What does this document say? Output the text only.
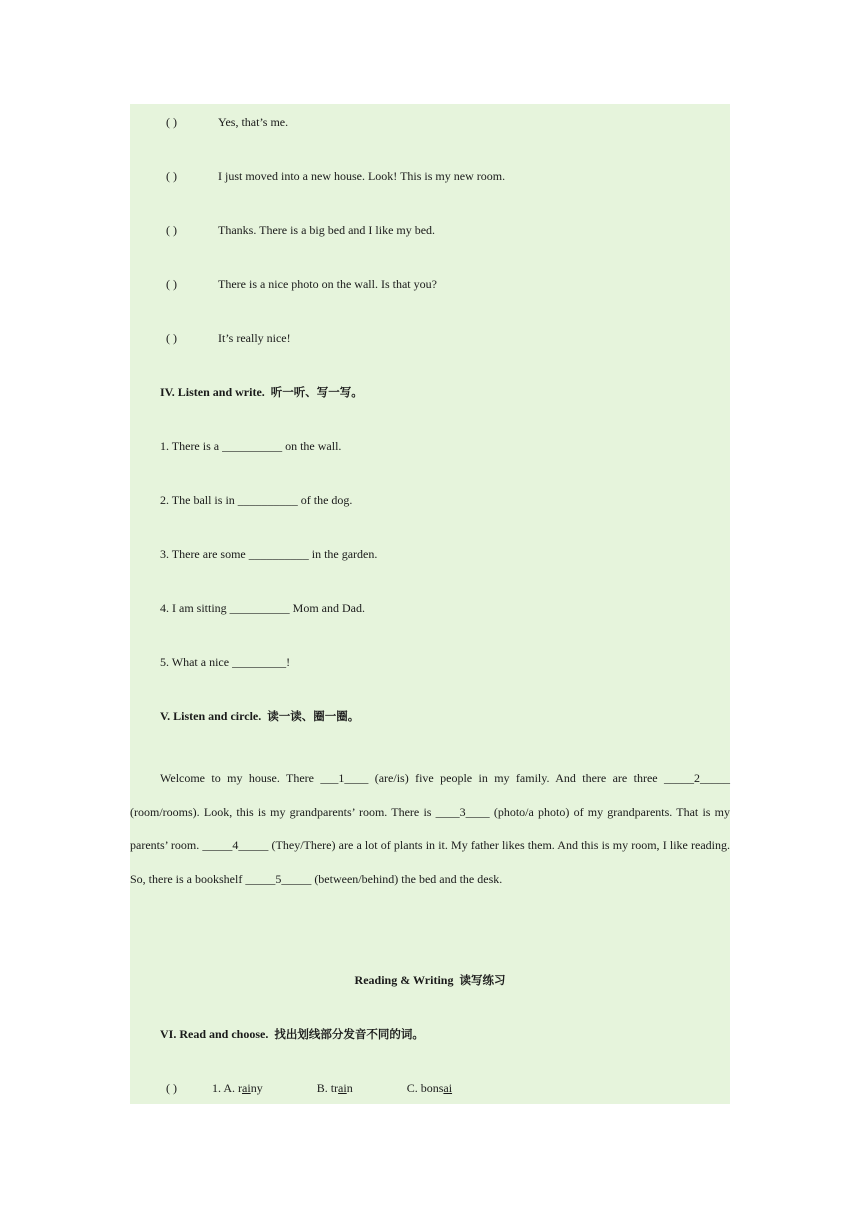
( )	Yes, that’s me.
( )	I just moved into a new house. Look! This is my new room.
( )	Thanks. There is a big bed and I like my bed.
( )	There is a nice photo on the wall. Is that you?
( )	It’s really nice!
IV. Listen and write. 听一听、写一写。
1. There is a __________ on the wall.
2. The ball is in __________ of the dog.
3. There are some __________ in the garden.
4. I am sitting __________ Mom and Dad.
5. What a nice _________!
V. Listen and circle. 读一读、圈一圈。
Welcome to my house. There ___1____ (are/is) five people in my family. And there are three _____2_____ (room/rooms). Look, this is my grandparents’ room. There is ____3____ (photo/a photo) of my grandparents. That is my parents’ room. _____4_____ (They/There) are a lot of plants in it. My father likes them. And this is my room, I like reading. So, there is a bookshelf _____5_____ (between/behind) the bed and the desk.
Reading & Writing 读写练习
VI. Read and choose. 找出划线部分发音不同的词。
( )	1. A. rainy	B. train	C. bonsai
